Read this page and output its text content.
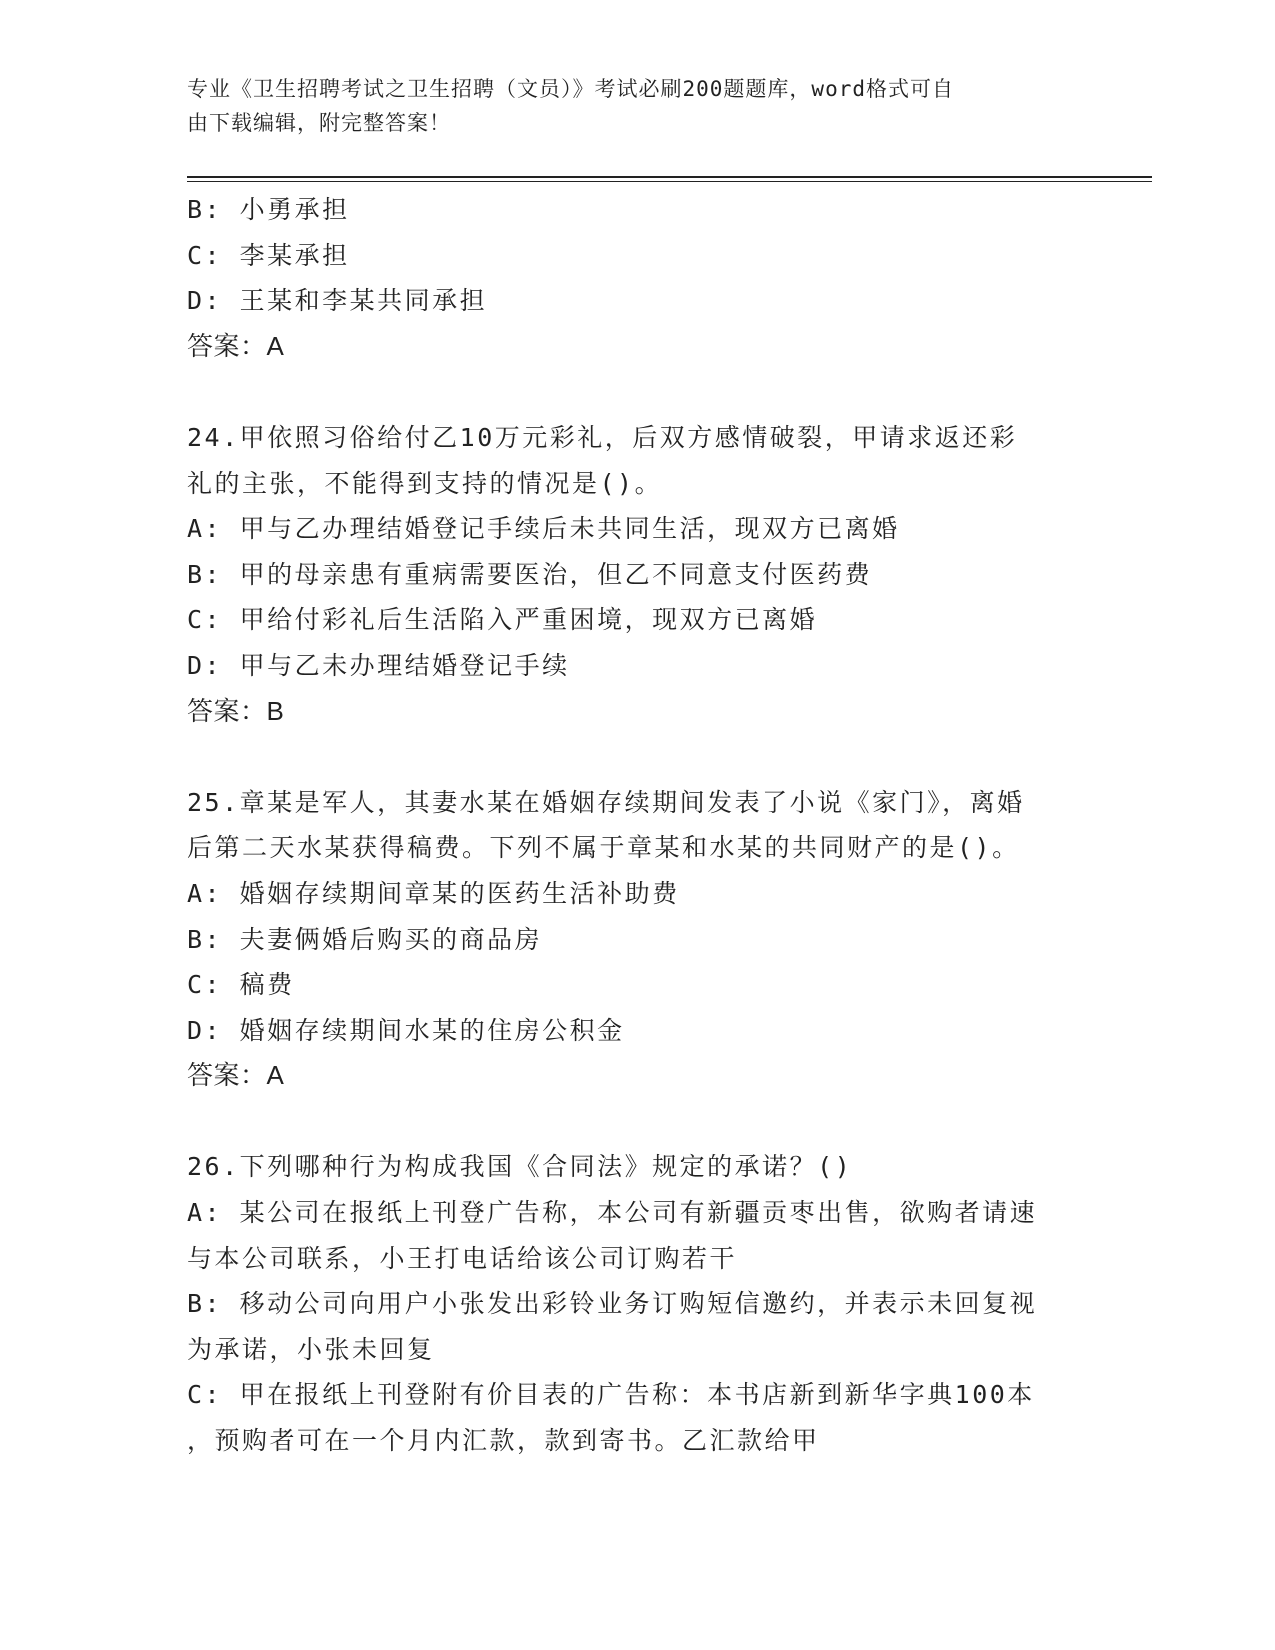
专业《卫生招聘考试之卫生招聘（文员）》考试必刷200题题库，word格式可自
由下载编辑，附完整答案！
B: 小勇承担
C: 李某承担
D: 王某和李某共同承担
答案：A
24.甲依照习俗给付乙10万元彩礼，后双方感情破裂，甲请求返还彩
礼的主张，不能得到支持的情况是()。
A: 甲与乙办理结婚登记手续后未共同生活，现双方已离婚
B: 甲的母亲患有重病需要医治，但乙不同意支付医药费
C: 甲给付彩礼后生活陷入严重困境，现双方已离婚
D: 甲与乙未办理结婚登记手续
答案：B
25.章某是军人，其妻水某在婚姻存续期间发表了小说《家门》，离婚
后第二天水某获得稿费。下列不属于章某和水某的共同财产的是()。
A: 婚姻存续期间章某的医药生活补助费
B: 夫妻俩婚后购买的商品房
C: 稿费
D: 婚姻存续期间水某的住房公积金
答案：A
26.下列哪种行为构成我国《合同法》规定的承诺？()
A: 某公司在报纸上刊登广告称，本公司有新疆贡枣出售，欲购者请速
与本公司联系，小王打电话给该公司订购若干
B: 移动公司向用户小张发出彩铃业务订购短信邀约，并表示未回复视
为承诺，小张未回复
C: 甲在报纸上刊登附有价目表的广告称：本书店新到新华字典100本
，预购者可在一个月内汇款，款到寄书。乙汇款给甲
